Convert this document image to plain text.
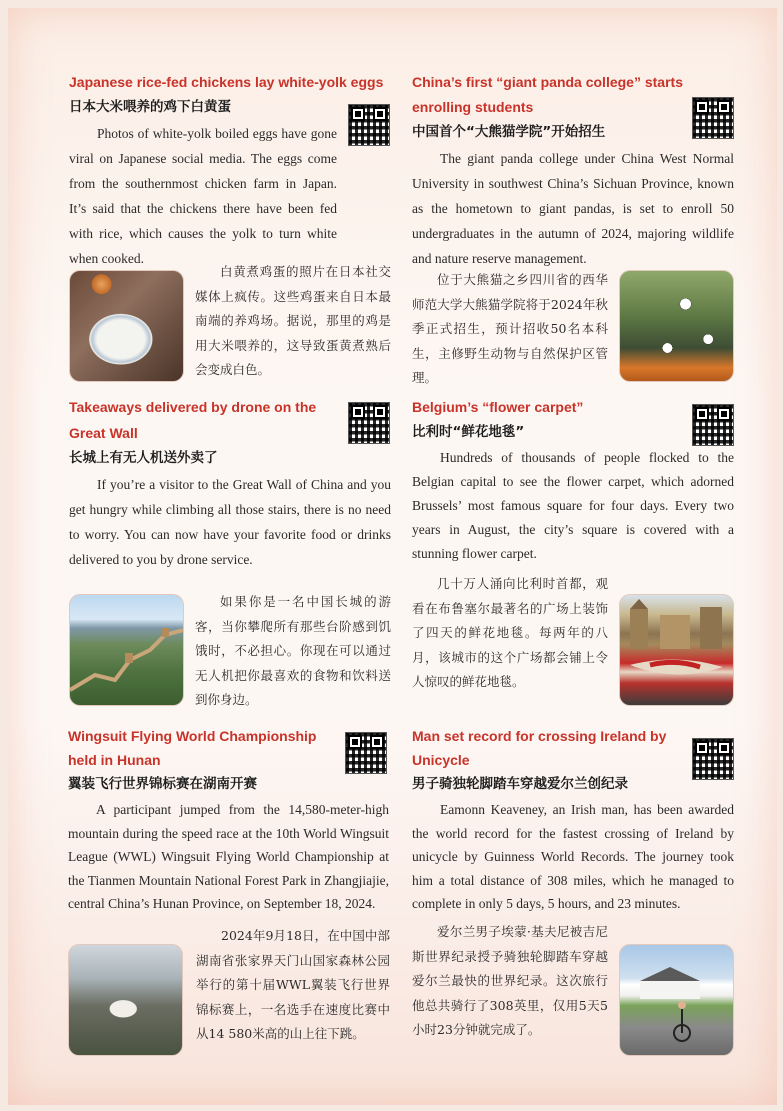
Japanese rice-fed chickens lay white-yolk eggs

日本大米喂养的鸡下白黄蛋

Photos of white-yolk boiled eggs have gone viral on Japanese social media. The eggs come from the southernmost chicken farm in Japan. It’s said that the chickens there have been fed with rice, which causes the yolk to turn white when cooked.

白黄煮鸡蛋的照片在日本社交媒体上疯传。这些鸡蛋来自日本最南端的养鸡场。据说，那里的鸡是用大米喂养的，这导致蛋黄煮熟后会变成白色。

China’s first “giant panda college” starts enrolling students

中国首个“大熊猫学院”开始招生

The giant panda college under China West Normal University in southwest China’s Sichuan Province, known as the hometown to giant pandas, is set to enroll 50 undergraduates in the autumn of 2024, majoring wildlife and nature reserve management.

位于大熊猫之乡四川省的西华师范大学大熊猫学院将于2024年秋季正式招生，预计招收50名本科生，主修野生动物与自然保护区管理。

Takeaways delivered by drone on the Great Wall

长城上有无人机送外卖了

If you’re a visitor to the Great Wall of China and you get hungry while climbing all those stairs, there is no need to worry. You can now have your favorite food or drinks delivered to you by drone service.

如果你是一名中国长城的游客，当你攀爬所有那些台阶感到饥饿时，不必担心。你现在可以通过无人机把你最喜欢的食物和饮料送到你身边。

Belgium’s “flower carpet”

比利时“鲜花地毯”

Hundreds of thousands of people flocked to the Belgian capital to see the flower carpet, which adorned Brussels’ most famous square for four days. Every two years in August, the city’s square is covered with a stunning flower carpet.

几十万人涌向比利时首都，观看在布鲁塞尔最著名的广场上装饰了四天的鲜花地毯。每两年的八月，该城市的这个广场都会铺上令人惊叹的鲜花地毯。

Wingsuit Flying World Championship held in Hunan

翼装飞行世界锦标赛在湖南开赛

A participant jumped from the 14,580-meter-high mountain during the speed race at the 10th World Wingsuit League (WWL) Wingsuit Flying World Championship at the Tianmen Mountain National Forest Park in Zhangjiajie, central China’s Hunan Province, on September 18, 2024.

2024年9月18日，在中国中部湖南省张家界天门山国家森林公园举行的第十届WWL翼装飞行世界锦标赛上，一名选手在速度比赛中从14 580米高的山上往下跳。

Man set record for crossing Ireland by Unicycle

男子骑独轮脚踏车穿越爱尔兰创纪录

Eamonn Keaveney, an Irish man, has been awarded the world record for the fastest crossing of Ireland by unicycle by Guinness World Records. The journey took him a total distance of 308 miles, which he managed to complete in only 5 days, 5 hours, and 23 minutes.

爱尔兰男子埃蒙·基夫尼被吉尼斯世界纪录授予骑独轮脚踏车穿越爱尔兰最快的世界纪录。这次旅行他总共骑行了308英里，仅用5天5小时23分钟就完成了。
